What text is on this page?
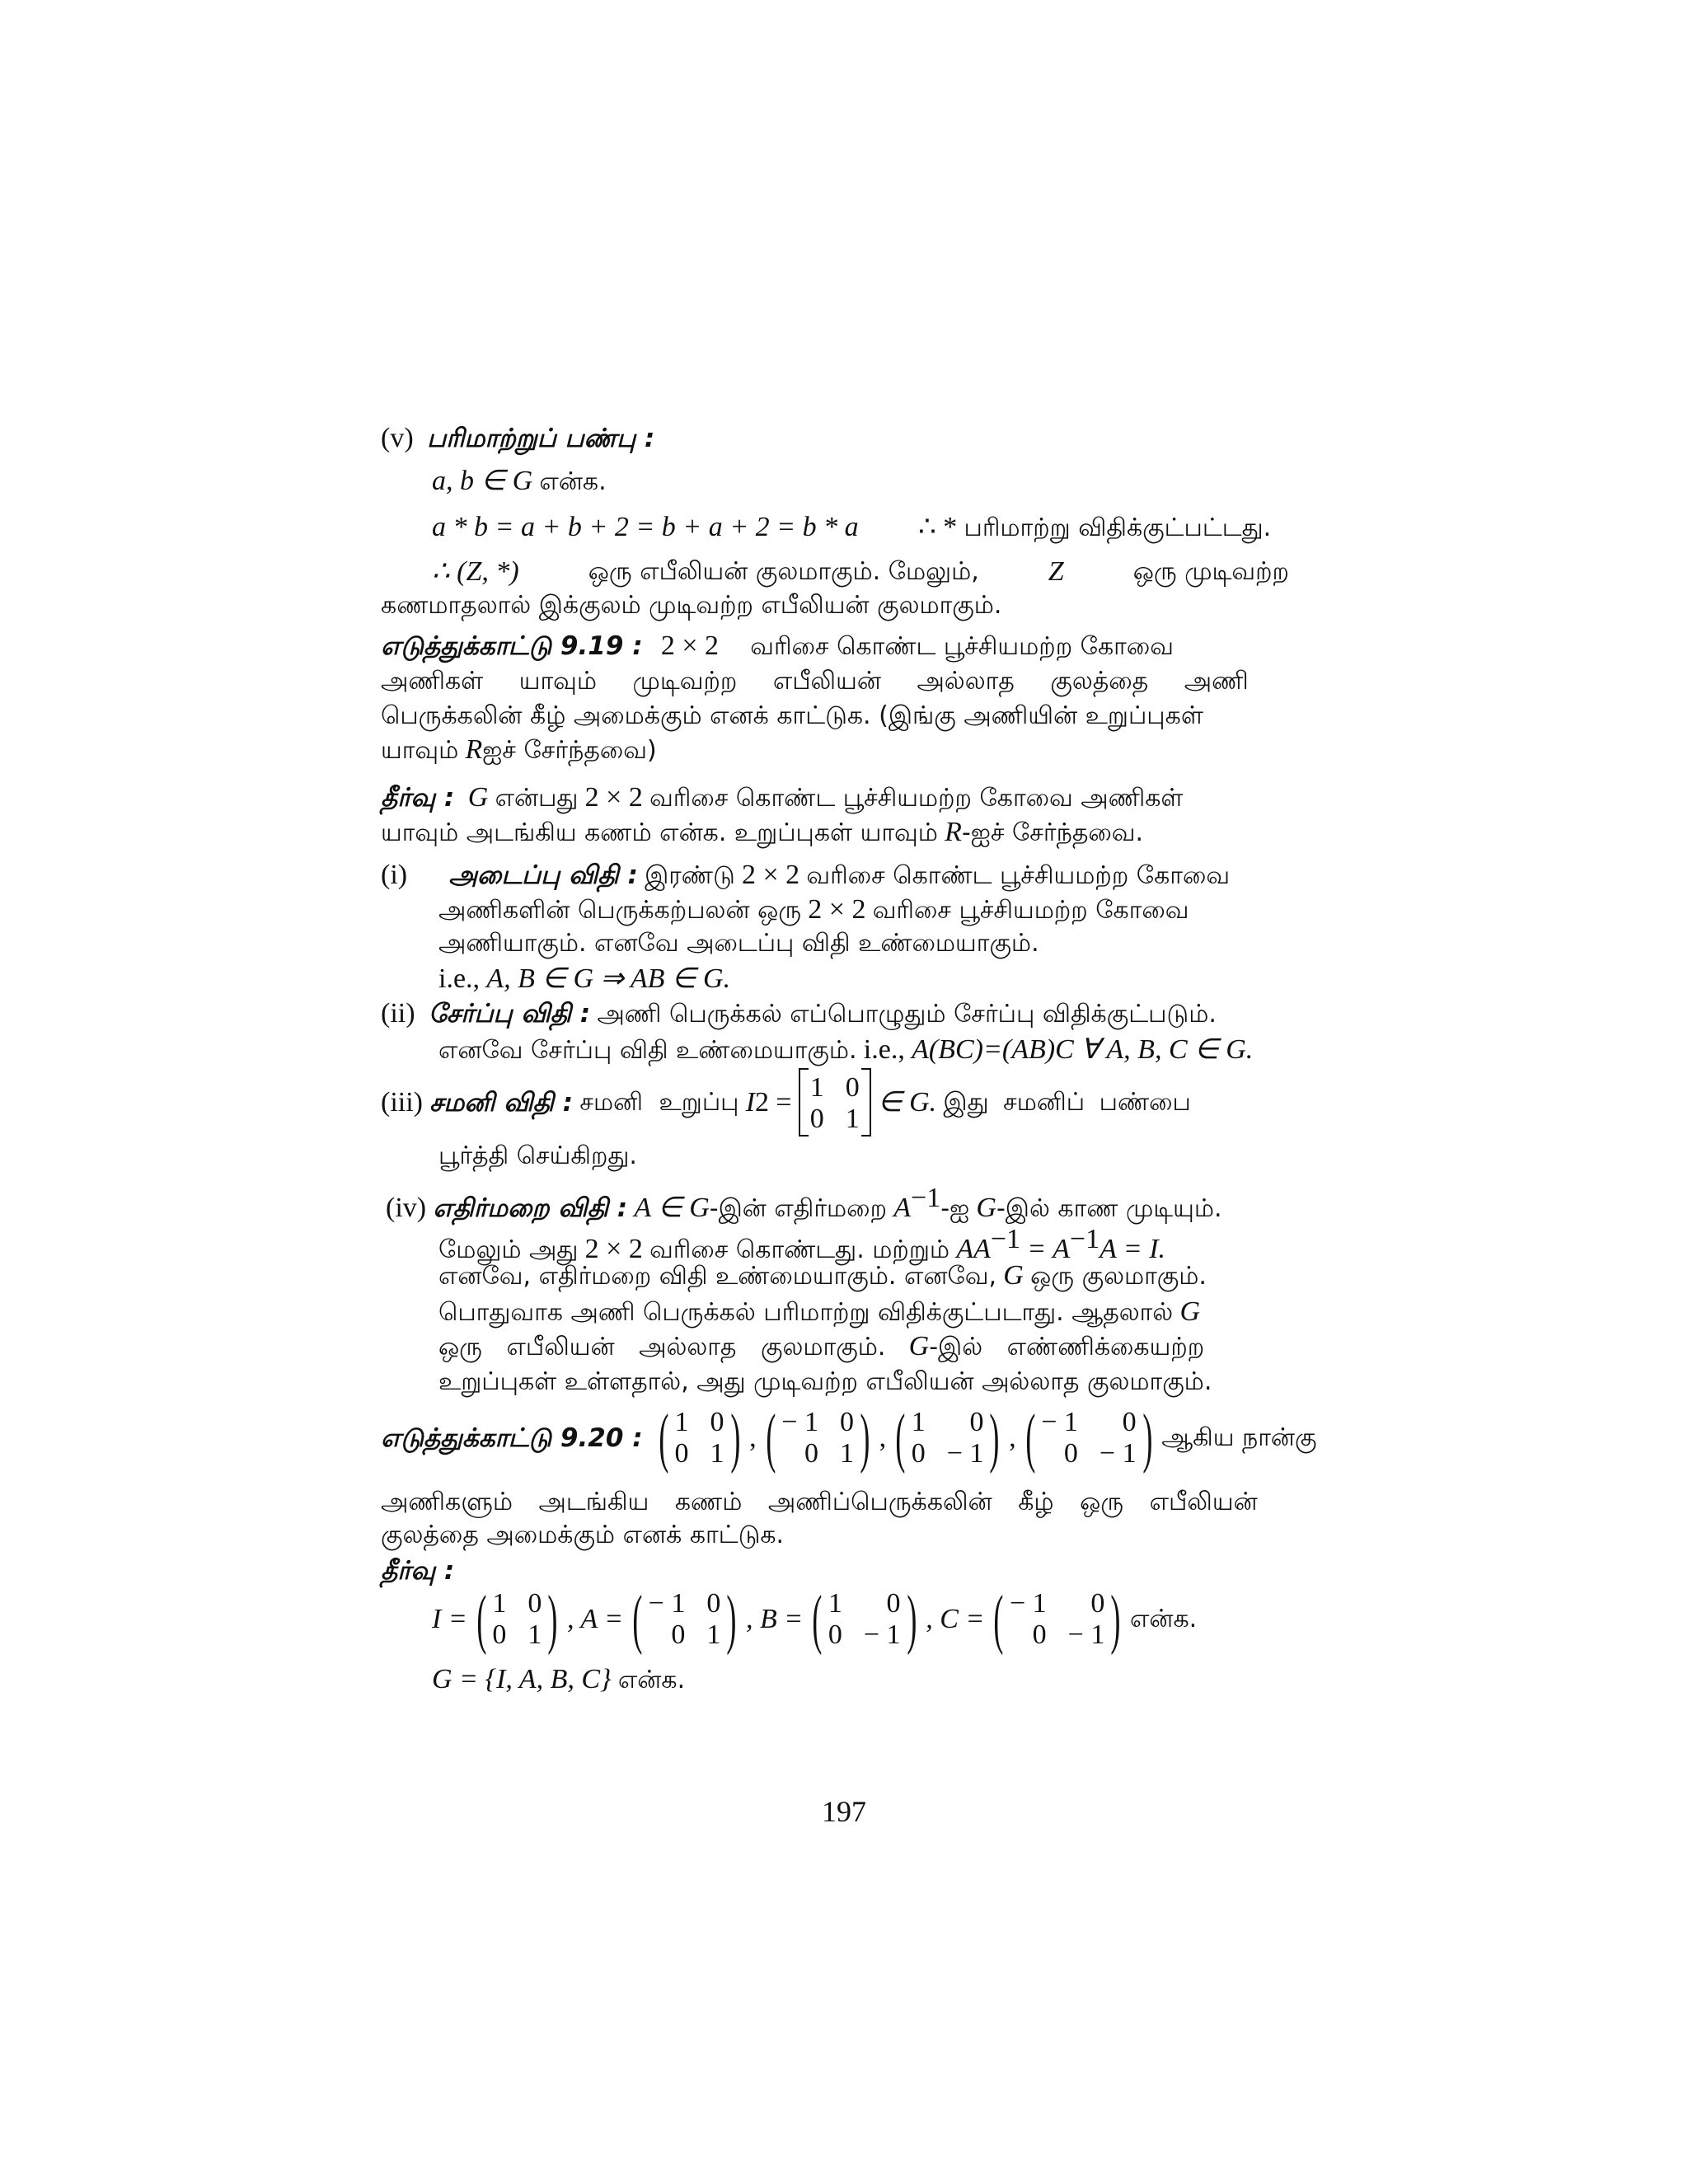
(v) பரிமாற்றுப் பண்பு :
a, b ∈ G என்க.
a * b = a + b + 2 = b + a + 2 = b * a ∴ * பரிமாற்று விதிக்குட்பட்டது.
∴ (Z, *)	ஒரு எபீலியன் குலமாகும். மேலும், Z	ஒரு முடிவற்ற
கணமாதலால் இக்குலம் முடிவற்ற எபீலியன் குலமாகும்.
எடுத்துக்காட்டு 9.19 : 2 × 2 வரிசை கொண்ட பூச்சியமற்ற கோவை
அணிகள் யாவும் முடிவற்ற எபீலியன் அல்லாத குலத்தை அணி
பெருக்கலின் கீழ் அமைக்கும் எனக் காட்டுக. (இங்கு அணியின் உறுப்புகள்
யாவும் Rஐச் சேர்ந்தவை)
தீர்வு : G என்பது 2 × 2 வரிசை கொண்ட பூச்சியமற்ற கோவை அணிகள்
யாவும் அடங்கிய கணம் என்க. உறுப்புகள் யாவும் R-ஐச் சேர்ந்தவை.
(i) அடைப்பு விதி : இரண்டு 2 × 2 வரிசை கொண்ட பூச்சியமற்ற கோவை
அணிகளின் பெருக்கற்பலன் ஒரு 2 × 2 வரிசை பூச்சியமற்ற கோவை
அணியாகும். எனவே அடைப்பு விதி உண்மையாகும்.
i.e., A, B ∈ G ⇒ AB ∈ G.
(ii) சேர்ப்பு விதி : அணி பெருக்கல் எப்பொழுதும் சேர்ப்பு விதிக்குட்படும்.
எனவே சேர்ப்பு விதி உண்மையாகும். i.e., A(BC)=(AB)C ∀ A, B, C ∈ G.
(iii)
சமனி விதி :
சமனி உறுப்பு
I 2
=
1 0
0 1

∈ G.
இது சமனிப் பண்பை
பூர்த்தி செய்கிறது.
(iv) எதிர்மறை விதி : A ∈ G-இன் எதிர்மறை $A^{-1}-ஐ$ G-இல் காண முடியும்.
மேலும் அது 2 × 2 வரிசை கொண்டது. மற்றும் $AA^{-1} = A^{-1}A = I$.
எனவே, எதிர்மறை விதி உண்மையாகும். எனவே, G ஒரு குலமாகும்.
பொதுவாக அணி பெருக்கல் பரிமாற்று விதிக்குட்படாது. ஆதலால் G
ஒரு எபீலியன் அல்லாத குலமாகும். G-இல் எண்ணிக்கையற்ற
உறுப்புகள் உள்ளதால், அது முடிவற்ற எபீலியன் அல்லாத குலமாகும்.
எடுத்துக்காட்டு 9.20 :
( 1 0
0 1 ) , ( − 1 0
0 1 ) , ( 1	0
0 − 1 ) , ( − 1	0
0 − 1 ) ஆகிய நான்கு
அணிகளும் அடங்கிய கணம் அணிப்பெருக்கலின் கீழ் ஒரு எபீலியன்
குலத்தை அமைக்கும் எனக் காட்டுக.
தீர்வு :
I = ( 1 0
0 1 ) , A = ( − 1 0
0 1 ) , B = ( 1	0
0 − 1 ) , C = ( − 1	0
0 − 1 ) என்க.
G = {I, A, B, C} என்க.
197
